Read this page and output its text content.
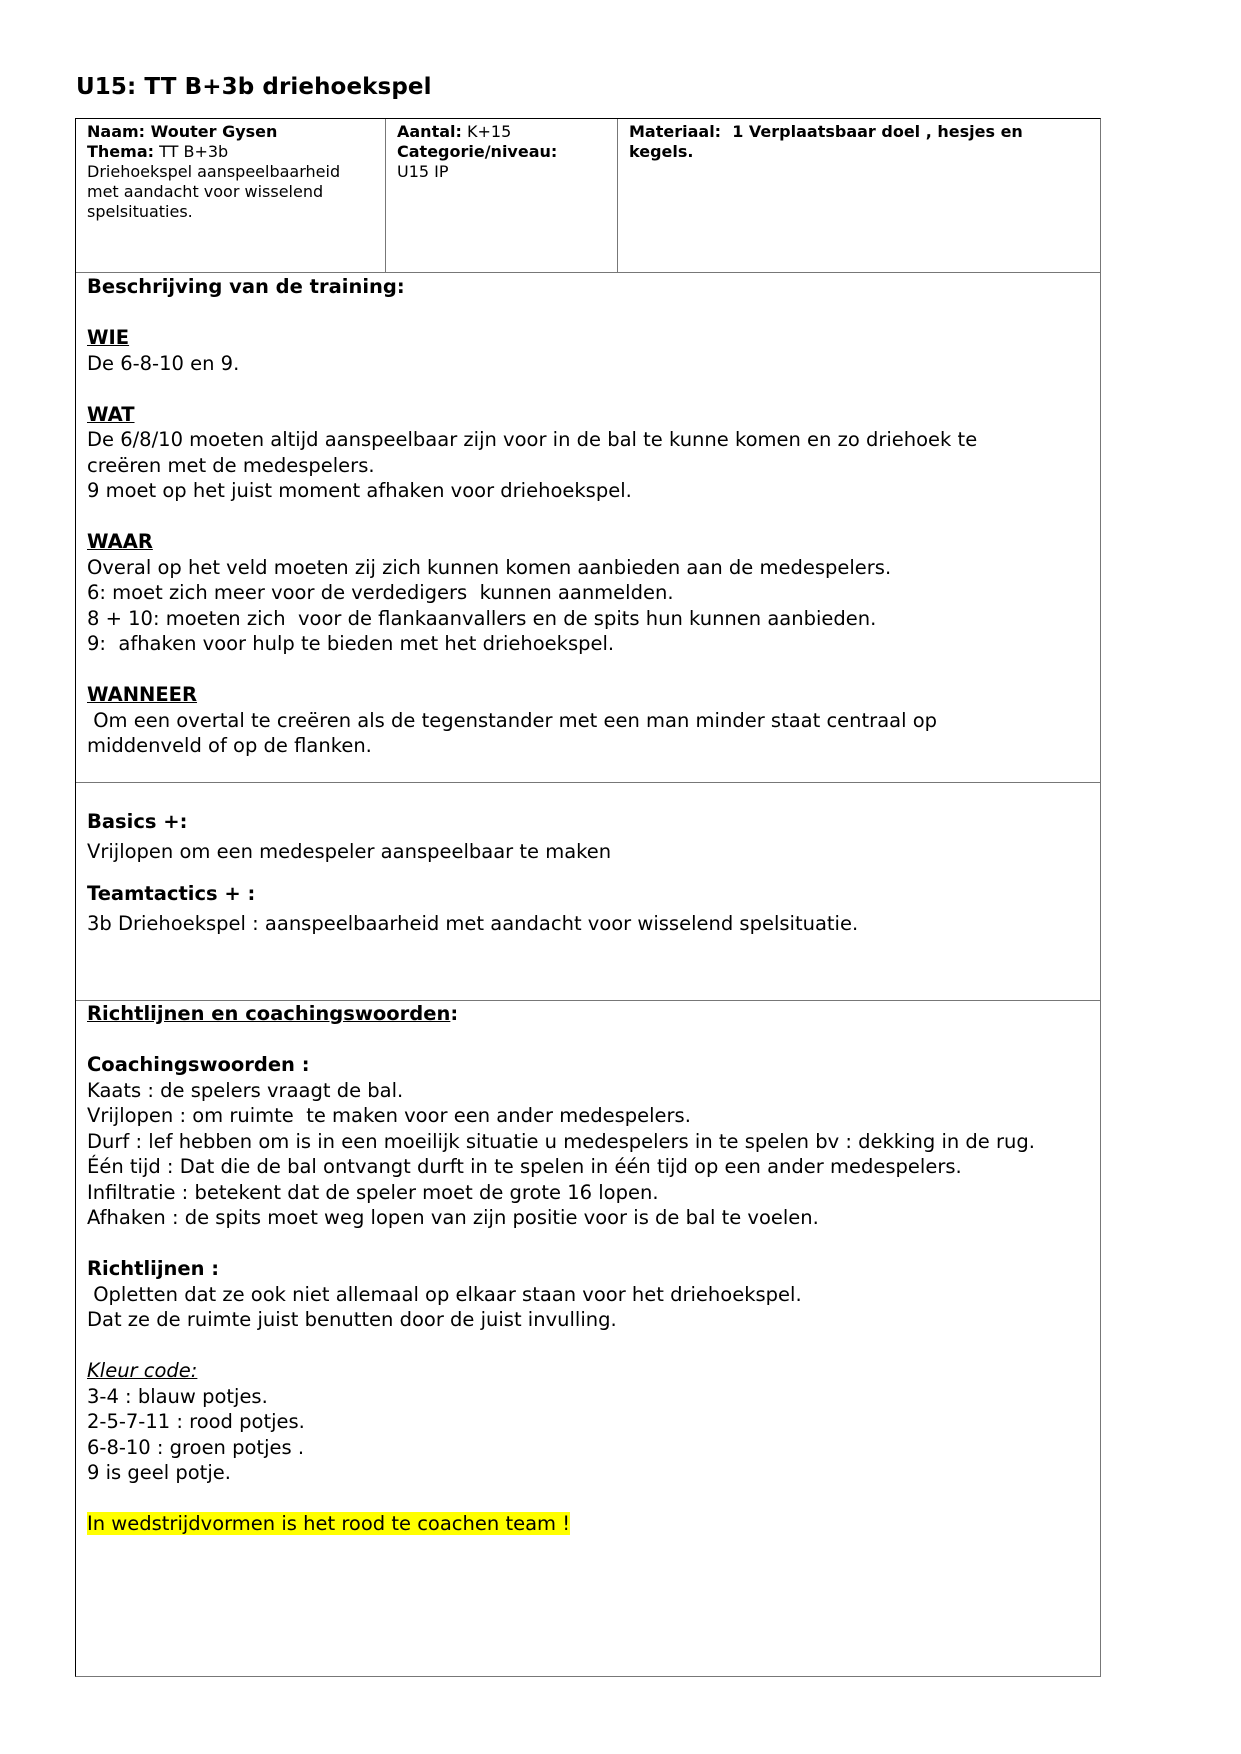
U15: TT B+3b driehoekspel
Naam: Wouter Gysen
Thema: TT B+3b
Driehoekspel aanspeelbaarheid met aandacht voor wisselend spelsituaties.
Aantal: K+15
Categorie/niveau:
U15 IP
Materiaal: 1 Verplaatsbaar doel , hesjes en kegels.
Beschrijving van de training:
WIE
De 6-8-10 en 9.
WAT
De 6/8/10 moeten altijd aanspeelbaar zijn voor in de bal te kunne komen en zo driehoek te
creëren met de medespelers.
9 moet op het juist moment afhaken voor driehoekspel.
WAAR
Overal op het veld moeten zij zich kunnen komen aanbieden aan de medespelers.
6: moet zich meer voor de verdedigers  kunnen aanmelden.
8 + 10: moeten zich  voor de flankaanvallers en de spits hun kunnen aanbieden.
9:  afhaken voor hulp te bieden met het driehoekspel.
WANNEER
Om een overtal te creëren als de tegenstander met een man minder staat centraal op
middenveld of op de flanken.
Basics +:
Vrijlopen om een medespeler aanspeelbaar te maken
Teamtactics + :
3b Driehoekspel : aanspeelbaarheid met aandacht voor wisselend spelsituatie.
Richtlijnen en coachingswoorden:
Coachingswoorden :
Kaats : de spelers vraagt de bal.
Vrijlopen : om ruimte  te maken voor een ander medespelers.
Durf : lef hebben om is in een moeilijk situatie u medespelers in te spelen bv : dekking in de rug.
Één tijd : Dat die de bal ontvangt durft in te spelen in één tijd op een ander medespelers.
Infiltratie : betekent dat de speler moet de grote 16 lopen.
Afhaken : de spits moet weg lopen van zijn positie voor is de bal te voelen.
Richtlijnen :
Opletten dat ze ook niet allemaal op elkaar staan voor het driehoekspel.
Dat ze de ruimte juist benutten door de juist invulling.
Kleur code:
3-4 : blauw potjes.
2-5-7-11 : rood potjes.
6-8-10 : groen potjes .
9 is geel potje.
In wedstrijdvormen is het rood te coachen team !
